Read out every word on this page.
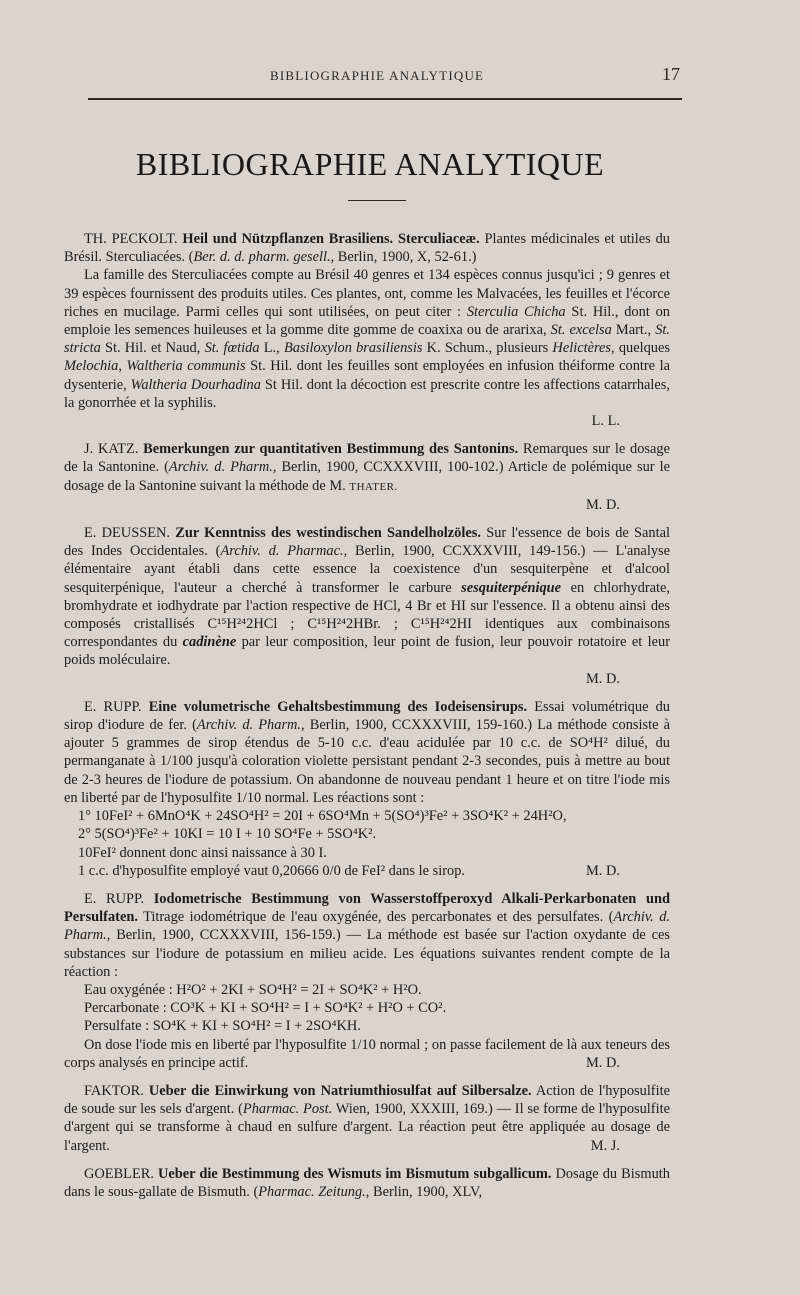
BIBLIOGRAPHIE ANALYTIQUE	17
BIBLIOGRAPHIE ANALYTIQUE

TH. PECKOLT. Heil und Nützpflanzen Brasiliens. Sterculiaceæ. Plantes médicinales et utiles du Brésil. Sterculiacées. (Ber. d. d. pharm. gesell., Berlin, 1900, X, 52-61.)

La famille des Sterculiacées compte au Brésil 40 genres et 134 espèces connus jusqu'ici ; 9 genres et 39 espèces fournissent des produits utiles. Ces plantes, ont, comme les Malvacées, les feuilles et l'écorce riches en mucilage. Parmi celles qui sont utilisées, on peut citer : Sterculia Chicha St. Hil., dont on emploie les semences huileuses et la gomme dite gomme de coaxixa ou de ararixa, St. excelsa Mart., St. stricta St. Hil. et Naud, St. fœtida L., Basiloxylon brasiliensis K. Schum., plusieurs Helictères, quelques Melochia, Waltheria communis St. Hil. dont les feuilles sont employées en infusion théiforme contre la dysenterie, Waltheria Dourhadina St Hil. dont la décoction est prescrite contre les affections catarrhales, la gonorrhée et la syphilis.

L. L.

J. KATZ. Bemerkungen zur quantitativen Bestimmung des Santonins. Remarques sur le dosage de la Santonine. (Archiv. d. Pharm., Berlin, 1900, CCXXXVIII, 100-102.) Article de polémique sur le dosage de la Santonine suivant la méthode de M. THATER.

M. D.

E. DEUSSEN. Zur Kenntniss des westindischen Sandelholzöles. Sur l'essence de bois de Santal des Indes Occidentales. (Archiv. d. Pharmac., Berlin, 1900, CCXXXVIII, 149-156.) — L'analyse élémentaire ayant établi dans cette essence la coexistence d'un sesquiterpène et d'alcool sesquiterpénique, l'auteur a cherché à transformer le carbure sesquiterpénique en chlorhydrate, bromhydrate et iodhydrate par l'action respective de HCl, 4 Br et HI sur l'essence. Il a obtenu ainsi des composés cristallisés C¹⁵H²⁴2HCl ; C¹⁵H²⁴2HBr. ; C¹⁵H²⁴2HI identiques aux combinaisons correspondantes du cadinène par leur composition, leur point de fusion, leur pouvoir rotatoire et leur poids moléculaire.

M. D.

E. RUPP. Eine volumetrische Gehaltsbestimmung des Iodeisensirups. Essai volumétrique du sirop d'iodure de fer. (Archiv. d. Pharm., Berlin, 1900, CCXXXVIII, 159-160.) La méthode consiste à ajouter 5 grammes de sirop étendus de 5-10 c.c. d'eau acidulée par 10 c.c. de SO⁴H² dilué, du permanganate à 1/100 jusqu'à coloration violette persistant pendant 2-3 secondes, puis à mettre au bout de 2-3 heures de l'iodure de potassium. On abandonne de nouveau pendant 1 heure et on titre l'iode mis en liberté par de l'hyposulfite 1/10 normal. Les réactions sont :

1° 10FeI² + 6MnO⁴K + 24SO⁴H² = 20I + 6SO⁴Mn + 5(SO⁴)³Fe² + 3SO⁴K² + 24H²O,

2° 5(SO⁴)³Fe² + 10KI = 10 I + 10 SO⁴Fe + 5SO⁴K².

10FeI² donnent donc ainsi naissance à 30 I.

1 c.c. d'hyposulfite employé vaut 0,20666 0/0 de FeI² dans le sirop.	M. D.

E. RUPP. Iodometrische Bestimmung von Wasserstoffperoxyd Alkali-Perkarbonaten und Persulfaten. Titrage iodométrique de l'eau oxygénée, des percarbonates et des persulfates. (Archiv. d. Pharm., Berlin, 1900, CCXXXVIII, 156-159.) — La méthode est basée sur l'action oxydante de ces substances sur l'iodure de potassium en milieu acide. Les équations suivantes rendent compte de la réaction :

Eau oxygénée : H²O² + 2KI + SO⁴H² = 2I + SO⁴K² + H²O.

Percarbonate : CO³K + KI + SO⁴H² = I + SO⁴K² + H²O + CO².

Persulfate : SO⁴K + KI + SO⁴H² = I + 2SO⁴KH.

On dose l'iode mis en liberté par l'hyposulfite 1/10 normal ; on passe facilement de là aux teneurs des corps analysés en principe actif.	M. D.

FAKTOR. Ueber die Einwirkung von Natriumthiosulfat auf Silbersalze. Action de l'hyposulfite de soude sur les sels d'argent. (Pharmac. Post. Wien, 1900, XXXIII, 169.) — Il se forme de l'hyposulfite d'argent qui se transforme à chaud en sulfure d'argent. La réaction peut être appliquée au dosage de l'argent.	M. J.

GOEBLER. Ueber die Bestimmung des Wismuts im Bismutum subgallicum. Dosage du Bismuth dans le sous-gallate de Bismuth. (Pharmac. Zeitung., Berlin, 1900, XLV,
